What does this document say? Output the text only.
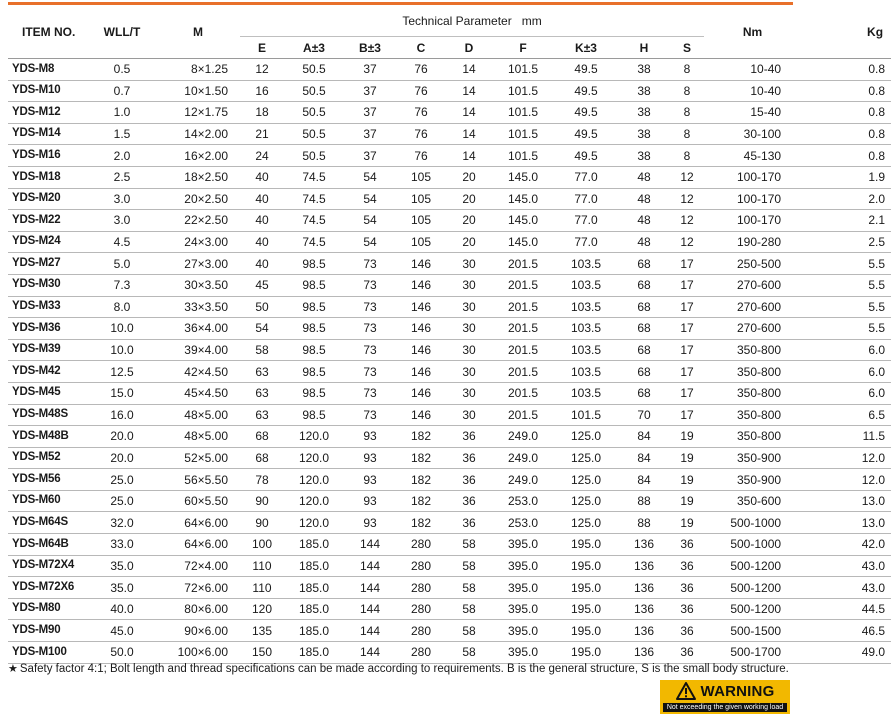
ITEM NO.	WLL/T	M	Technical Parameter mm									Nm	Kg
			E	A±3	B±3	C	D	F	K±3	H	S		
YDS-M8	0.5	8×1.25	12	50.5	37	76	14	101.5	49.5	38	8	10-40	0.8
YDS-M10	0.7	10×1.50	16	50.5	37	76	14	101.5	49.5	38	8	10-40	0.8
YDS-M12	1.0	12×1.75	18	50.5	37	76	14	101.5	49.5	38	8	15-40	0.8
YDS-M14	1.5	14×2.00	21	50.5	37	76	14	101.5	49.5	38	8	30-100	0.8
YDS-M16	2.0	16×2.00	24	50.5	37	76	14	101.5	49.5	38	8	45-130	0.8
YDS-M18	2.5	18×2.50	40	74.5	54	105	20	145.0	77.0	48	12	100-170	1.9
YDS-M20	3.0	20×2.50	40	74.5	54	105	20	145.0	77.0	48	12	100-170	2.0
YDS-M22	3.0	22×2.50	40	74.5	54	105	20	145.0	77.0	48	12	100-170	2.1
YDS-M24	4.5	24×3.00	40	74.5	54	105	20	145.0	77.0	48	12	190-280	2.5
YDS-M27	5.0	27×3.00	40	98.5	73	146	30	201.5	103.5	68	17	250-500	5.5
YDS-M30	7.3	30×3.50	45	98.5	73	146	30	201.5	103.5	68	17	270-600	5.5
YDS-M33	8.0	33×3.50	50	98.5	73	146	30	201.5	103.5	68	17	270-600	5.5
YDS-M36	10.0	36×4.00	54	98.5	73	146	30	201.5	103.5	68	17	270-600	5.5
YDS-M39	10.0	39×4.00	58	98.5	73	146	30	201.5	103.5	68	17	350-800	6.0
YDS-M42	12.5	42×4.50	63	98.5	73	146	30	201.5	103.5	68	17	350-800	6.0
YDS-M45	15.0	45×4.50	63	98.5	73	146	30	201.5	103.5	68	17	350-800	6.0
YDS-M48S	16.0	48×5.00	63	98.5	73	146	30	201.5	101.5	70	17	350-800	6.5
YDS-M48B	20.0	48×5.00	68	120.0	93	182	36	249.0	125.0	84	19	350-800	11.5
YDS-M52	20.0	52×5.00	68	120.0	93	182	36	249.0	125.0	84	19	350-900	12.0
YDS-M56	25.0	56×5.50	78	120.0	93	182	36	249.0	125.0	84	19	350-900	12.0
YDS-M60	25.0	60×5.50	90	120.0	93	182	36	253.0	125.0	88	19	350-600	13.0
YDS-M64S	32.0	64×6.00	90	120.0	93	182	36	253.0	125.0	88	19	500-1000	13.0
YDS-M64B	33.0	64×6.00	100	185.0	144	280	58	395.0	195.0	136	36	500-1000	42.0
YDS-M72X4	35.0	72×4.00	110	185.0	144	280	58	395.0	195.0	136	36	500-1200	43.0
YDS-M72X6	35.0	72×6.00	110	185.0	144	280	58	395.0	195.0	136	36	500-1200	43.0
YDS-M80	40.0	80×6.00	120	185.0	144	280	58	395.0	195.0	136	36	500-1200	44.5
YDS-M90	45.0	90×6.00	135	185.0	144	280	58	395.0	195.0	136	36	500-1500	46.5
YDS-M100	50.0	100×6.00	150	185.0	144	280	58	395.0	195.0	136	36	500-1700	49.0
★ Safety factor 4:1; Bolt length and thread specifications can be made according to requirements. B is the general structure, S is the small body structure.
WARNING
Not exceeding the given working load
